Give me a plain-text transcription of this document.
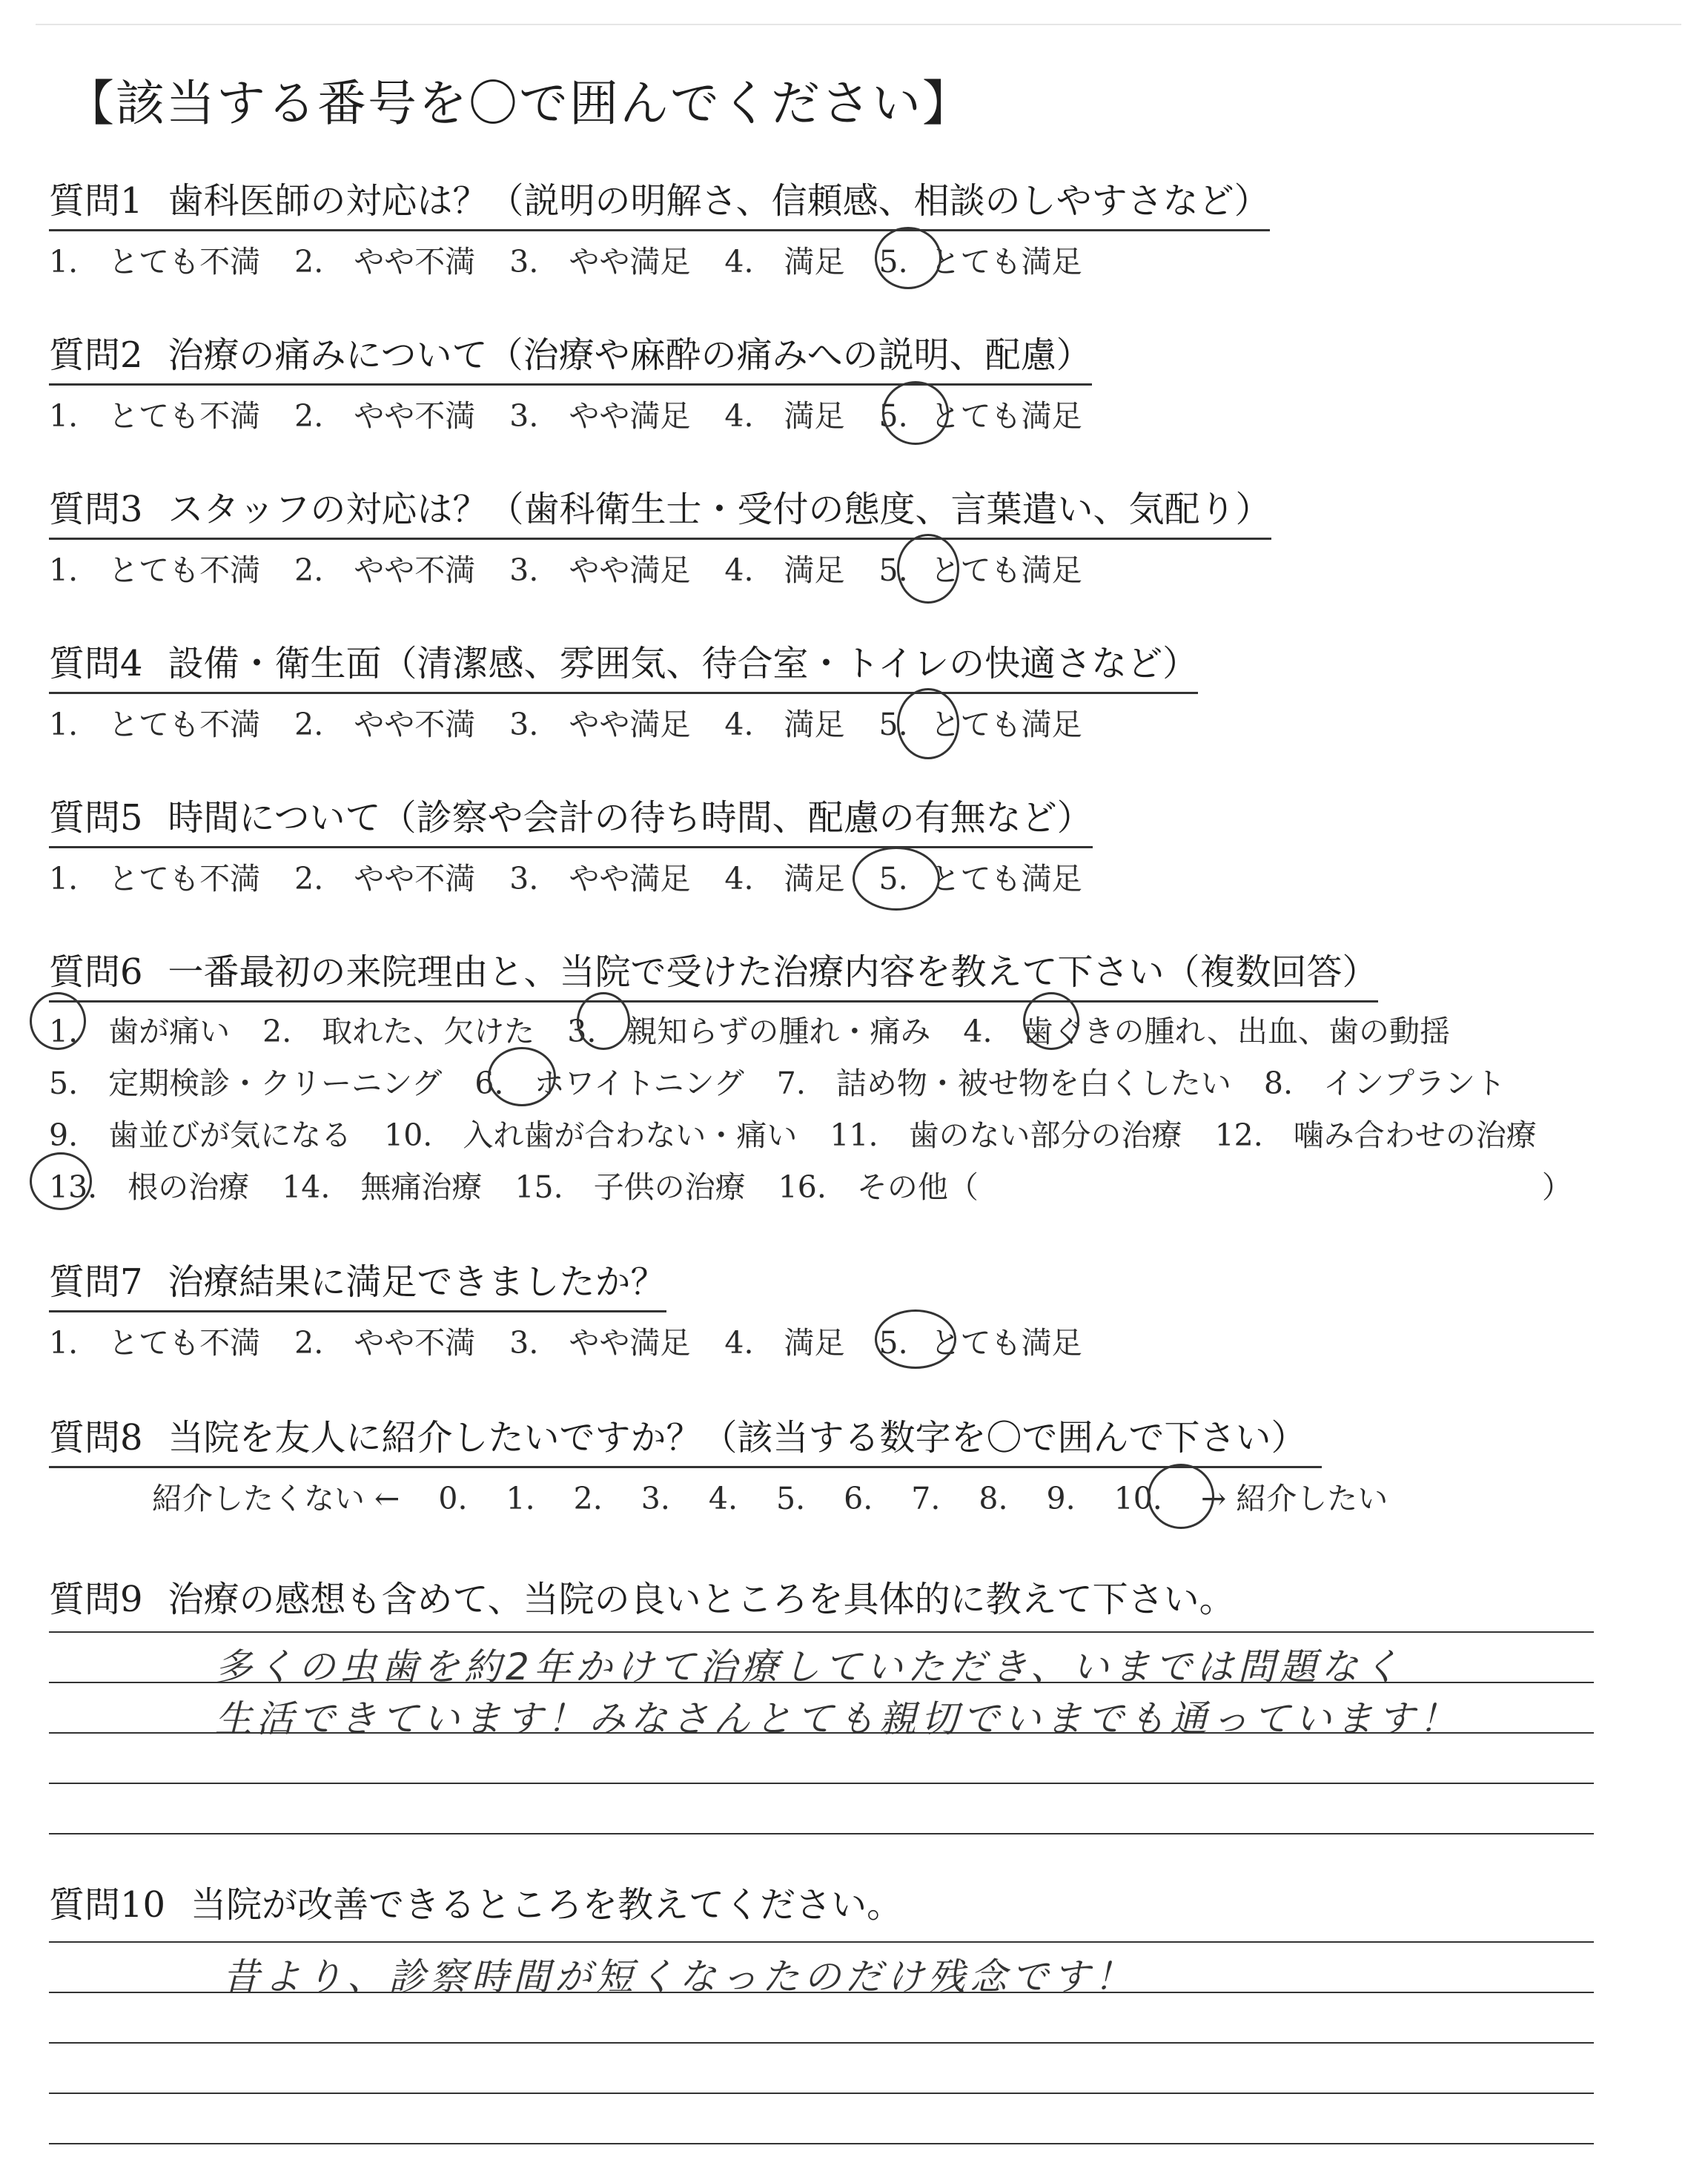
【該当する番号を〇で囲んでください】
質問1 歯科医師の対応は？（説明の明解さ、信頼感、相談のしやすさなど）
1.　とても不満 2.　やや不満 3.　やや満足 4.　満足 5. とても満足
質問2 治療の痛みについて（治療や麻酔の痛みへの説明、配慮）
1.　とても不満 2.　やや不満 3.　やや満足 4.　満足 5. とても満足
質問3 スタッフの対応は？（歯科衛生士・受付の態度、言葉遣い、気配り）
1.　とても不満 2.　やや不満 3.　やや満足 4.　満足 5. とても満足
質問4 設備・衛生面（清潔感、雰囲気、待合室・トイレの快適さなど）
1.　とても不満 2.　やや不満 3.　やや満足 4.　満足 5. とても満足
質問5 時間について（診察や会計の待ち時間、配慮の有無など）
1.　とても不満 2.　やや不満 3.　やや満足 4.　満足 5. とても満足
質問6 一番最初の来院理由と、当院で受けた治療内容を教えて下さい（複数回答）
1.　 歯が痛い 2.　 取れた、欠けた 3.　 親知らずの腫れ・痛み 4.　 歯ぐきの腫れ、出血、歯の動揺
5.　 定期検診・クリーニング 6.　 ホワイトニング 7.　 詰め物・被せ物を白くしたい 8.　 インプラント
9.　 歯並びが気になる 10.　 入れ歯が合わない・痛い 11.　 歯のない部分の治療 12.　 噛み合わせの治療
13.　 根の治療 14.　 無痛治療 15.　 子供の治療 16.　 その他（	）
質問7 治療結果に満足できましたか？
1.　とても不満 2.　やや不満 3.　やや満足 4.　満足 5. とても満足
質問8 当院を友人に紹介したいですか？（該当する数字を〇で囲んで下さい）
紹介したくない ← 0. 1. 2. 3. 4. 5. 6. 7. 8. 9. 10. → 紹介したい
質問9 治療の感想も含めて、当院の良いところを具体的に教えて下さい。
多くの虫歯を約2年かけて治療していただき、いまでは問題なく
生活できています！みなさんとても親切でいまでも通っています！
質問10 当院が改善できるところを教えてください。
昔より、診察時間が短くなったのだけ残念です！
